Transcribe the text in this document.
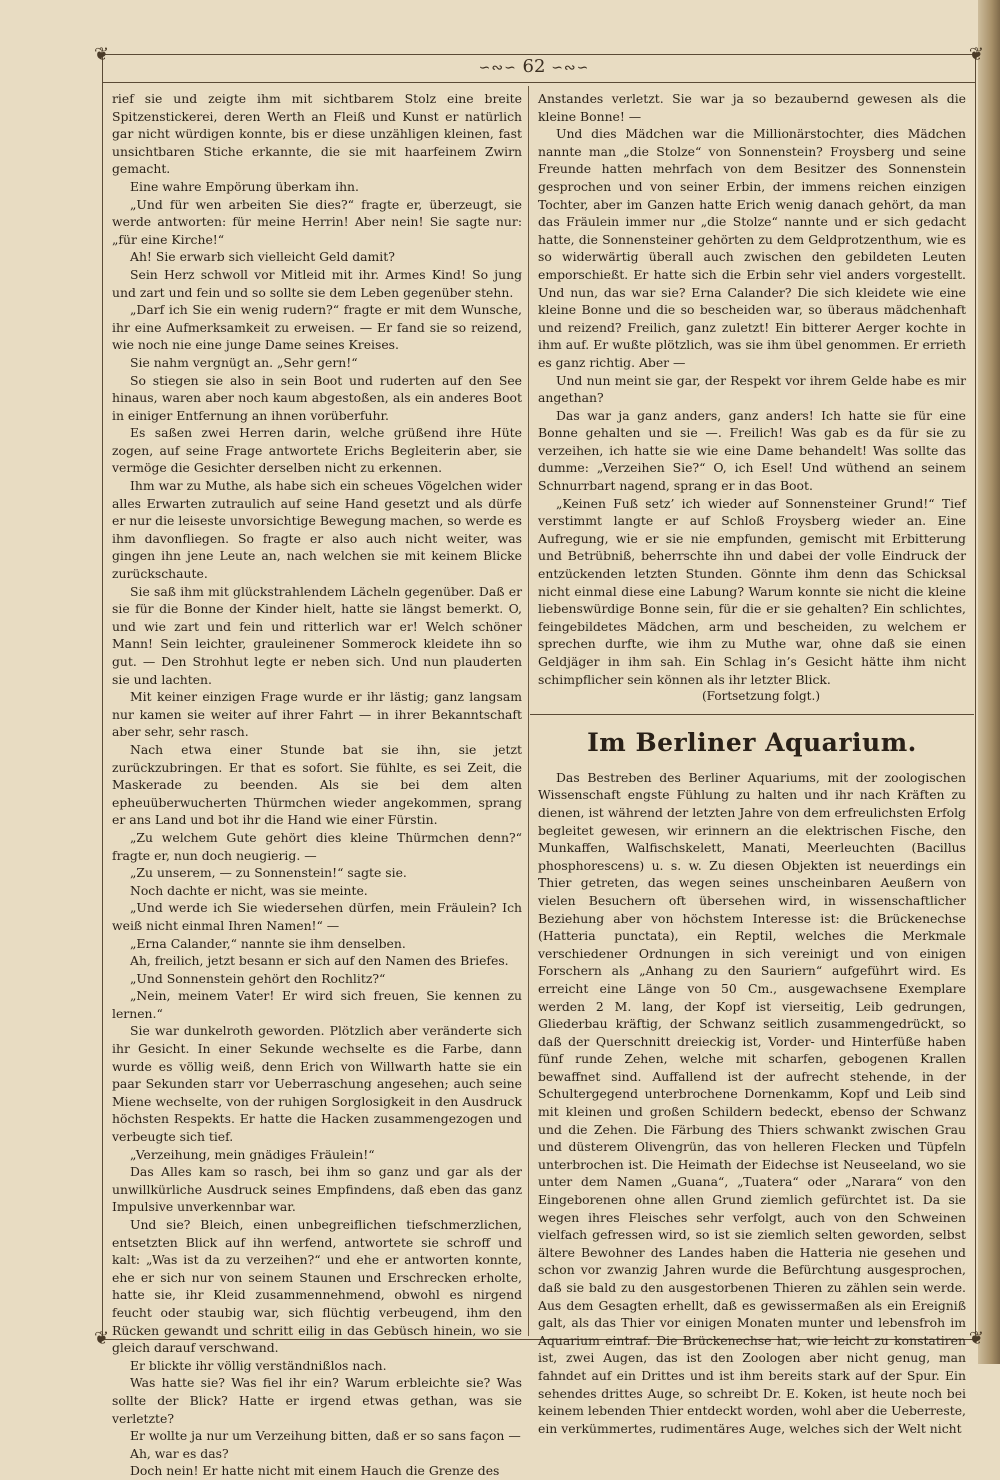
❦	❦
❦	❦
∽∾∽ 62 ∽∾∽

rief sie und zeigte ihm mit sichtbarem Stolz eine breite Spitzenstickerei, deren Werth an Fleiß und Kunst er natürlich gar nicht würdigen konnte, bis er diese unzähligen kleinen, fast unsichtbaren Stiche erkannte, die sie mit haarfeinem Zwirn gemacht.

Eine wahre Empörung überkam ihn.

„Und für wen arbeiten Sie dies?“ fragte er, überzeugt, sie werde antworten: für meine Herrin! Aber nein! Sie sagte nur: „für eine Kirche!“

Ah! Sie erwarb sich vielleicht Geld damit?

Sein Herz schwoll vor Mitleid mit ihr. Armes Kind! So jung und zart und fein und so sollte sie dem Leben gegenüber stehn.

„Darf ich Sie ein wenig rudern?“ fragte er mit dem Wunsche, ihr eine Aufmerksamkeit zu erweisen. — Er fand sie so reizend, wie noch nie eine junge Dame seines Kreises.

Sie nahm vergnügt an. „Sehr gern!“

So stiegen sie also in sein Boot und ruderten auf den See hinaus, waren aber noch kaum abgestoßen, als ein anderes Boot in einiger Entfernung an ihnen vorüberfuhr.

Es saßen zwei Herren darin, welche grüßend ihre Hüte zogen, auf seine Frage antwortete Erichs Begleiterin aber, sie vermöge die Gesichter derselben nicht zu erkennen.

Ihm war zu Muthe, als habe sich ein scheues Vögelchen wider alles Erwarten zutraulich auf seine Hand gesetzt und als dürfe er nur die leiseste unvorsichtige Bewegung machen, so werde es ihm davonfliegen. So fragte er also auch nicht weiter, was gingen ihn jene Leute an, nach welchen sie mit keinem Blicke zurückschaute.

Sie saß ihm mit glückstrahlendem Lächeln gegenüber. Daß er sie für die Bonne der Kinder hielt, hatte sie längst bemerkt. O, und wie zart und fein und ritterlich war er! Welch schöner Mann! Sein leichter, grauleinener Sommerock kleidete ihn so gut. — Den Strohhut legte er neben sich. Und nun plauderten sie und lachten.

Mit keiner einzigen Frage wurde er ihr lästig; ganz langsam nur kamen sie weiter auf ihrer Fahrt — in ihrer Bekanntschaft aber sehr, sehr rasch.

Nach etwa einer Stunde bat sie ihn, sie jetzt zurückzubringen. Er that es sofort. Sie fühlte, es sei Zeit, die Maskerade zu beenden. Als sie bei dem alten epheuüberwucherten Thürmchen wieder angekommen, sprang er ans Land und bot ihr die Hand wie einer Fürstin.

„Zu welchem Gute gehört dies kleine Thürmchen denn?“ fragte er, nun doch neugierig. —

„Zu unserem, — zu Sonnenstein!“ sagte sie.

Noch dachte er nicht, was sie meinte.

„Und werde ich Sie wiedersehen dürfen, mein Fräulein? Ich weiß nicht einmal Ihren Namen!“ —

„Erna Calander,“ nannte sie ihm denselben.

Ah, freilich, jetzt besann er sich auf den Namen des Briefes.

„Und Sonnenstein gehört den Rochlitz?“

„Nein, meinem Vater! Er wird sich freuen, Sie kennen zu lernen.“

Sie war dunkelroth geworden. Plötzlich aber veränderte sich ihr Gesicht. In einer Sekunde wechselte es die Farbe, dann wurde es völlig weiß, denn Erich von Willwarth hatte sie ein paar Sekunden starr vor Ueberraschung angesehen; auch seine Miene wechselte, von der ruhigen Sorglosigkeit in den Ausdruck höchsten Respekts. Er hatte die Hacken zusammengezogen und verbeugte sich tief.

„Verzeihung, mein gnädiges Fräulein!“

Das Alles kam so rasch, bei ihm so ganz und gar als der unwillkürliche Ausdruck seines Empfindens, daß eben das ganz Impulsive unverkennbar war.

Und sie? Bleich, einen unbegreiflichen tiefschmerzlichen, entsetzten Blick auf ihn werfend, antwortete sie schroff und kalt: „Was ist da zu verzeihen?“ und ehe er antworten konnte, ehe er sich nur von seinem Staunen und Erschrecken erholte, hatte sie, ihr Kleid zusammennehmend, obwohl es nirgend feucht oder staubig war, sich flüchtig verbeugend, ihm den Rücken gewandt und schritt eilig in das Gebüsch hinein, wo sie gleich darauf verschwand.

Er blickte ihr völlig verständnißlos nach.

Was hatte sie? Was fiel ihr ein? Warum erbleichte sie? Was sollte der Blick? Hatte er irgend etwas gethan, was sie verletzte?

Er wollte ja nur um Verzeihung bitten, daß er so sans façon —

Ah, war es das?

Doch nein! Er hatte nicht mit einem Hauch die Grenze des

Anstandes verletzt. Sie war ja so bezaubernd gewesen als die kleine Bonne! —

Und dies Mädchen war die Millionärstochter, dies Mädchen nannte man „die Stolze“ von Sonnenstein? Froysberg und seine Freunde hatten mehrfach von dem Besitzer des Sonnenstein gesprochen und von seiner Erbin, der immens reichen einzigen Tochter, aber im Ganzen hatte Erich wenig danach gehört, da man das Fräulein immer nur „die Stolze“ nannte und er sich gedacht hatte, die Sonnensteiner gehörten zu dem Geldprotzenthum, wie es so widerwärtig überall auch zwischen den gebildeten Leuten emporschießt. Er hatte sich die Erbin sehr viel anders vorgestellt. Und nun, das war sie? Erna Calander? Die sich kleidete wie eine kleine Bonne und die so bescheiden war, so überaus mädchenhaft und reizend? Freilich, ganz zuletzt! Ein bitterer Aerger kochte in ihm auf. Er wußte plötzlich, was sie ihm übel genommen. Er errieth es ganz richtig. Aber —

Und nun meint sie gar, der Respekt vor ihrem Gelde habe es mir angethan?

Das war ja ganz anders, ganz anders! Ich hatte sie für eine Bonne gehalten und sie —. Freilich! Was gab es da für sie zu verzeihen, ich hatte sie wie eine Dame behandelt! Was sollte das dumme: „Verzeihen Sie?“ O, ich Esel! Und wüthend an seinem Schnurrbart nagend, sprang er in das Boot.

„Keinen Fuß setz’ ich wieder auf Sonnensteiner Grund!“ Tief verstimmt langte er auf Schloß Froysberg wieder an. Eine Aufregung, wie er sie nie empfunden, gemischt mit Erbitterung und Betrübniß, beherrschte ihn und dabei der volle Eindruck der entzückenden letzten Stunden. Gönnte ihm denn das Schicksal nicht einmal diese eine Labung? Warum konnte sie nicht die kleine liebenswürdige Bonne sein, für die er sie gehalten? Ein schlichtes, feingebildetes Mädchen, arm und bescheiden, zu welchem er sprechen durfte, wie ihm zu Muthe war, ohne daß sie einen Geldjäger in ihm sah. Ein Schlag in’s Gesicht hätte ihm nicht schimpflicher sein können als ihr letzter Blick.

(Fortsetzung folgt.)

Im Berliner Aquarium.

Das Bestreben des Berliner Aquariums, mit der zoologischen Wissenschaft engste Fühlung zu halten und ihr nach Kräften zu dienen, ist während der letzten Jahre von dem erfreulichsten Erfolg begleitet gewesen, wir erinnern an die elektrischen Fische, den Munkaffen, Walfischskelett, Manati, Meerleuchten (Bacillus phosphorescens) u. s. w. Zu diesen Objekten ist neuerdings ein Thier getreten, das wegen seines unscheinbaren Aeußern von vielen Besuchern oft übersehen wird, in wissenschaftlicher Beziehung aber von höchstem Interesse ist: die Brückenechse (Hatteria punctata), ein Reptil, welches die Merkmale verschiedener Ordnungen in sich vereinigt und von einigen Forschern als „Anhang zu den Sauriern“ aufgeführt wird. Es erreicht eine Länge von 50 Cm., ausgewachsene Exemplare werden 2 M. lang, der Kopf ist vierseitig, Leib gedrungen, Gliederbau kräftig, der Schwanz seitlich zusammengedrückt, so daß der Querschnitt dreieckig ist, Vorder- und Hinterfüße haben fünf runde Zehen, welche mit scharfen, gebogenen Krallen bewaffnet sind. Auffallend ist der aufrecht stehende, in der Schultergegend unterbrochene Dornenkamm, Kopf und Leib sind mit kleinen und großen Schildern bedeckt, ebenso der Schwanz und die Zehen. Die Färbung des Thiers schwankt zwischen Grau und düsterem Olivengrün, das von helleren Flecken und Tüpfeln unterbrochen ist. Die Heimath der Eidechse ist Neuseeland, wo sie unter dem Namen „Guana“, „Tuatera“ oder „Narara“ von den Eingeborenen ohne allen Grund ziemlich gefürchtet ist. Da sie wegen ihres Fleisches sehr verfolgt, auch von den Schweinen vielfach gefressen wird, so ist sie ziemlich selten geworden, selbst ältere Bewohner des Landes haben die Hatteria nie gesehen und schon vor zwanzig Jahren wurde die Befürchtung ausgesprochen, daß sie bald zu den ausgestorbenen Thieren zu zählen sein werde. Aus dem Gesagten erhellt, daß es gewissermaßen als ein Ereigniß galt, als das Thier vor einigen Monaten munter und lebensfroh im Aquarium eintraf. Die Brückenechse hat, wie leicht zu konstatiren ist, zwei Augen, das ist den Zoologen aber nicht genug, man fahndet auf ein Drittes und ist ihm bereits stark auf der Spur. Ein sehendes drittes Auge, so schreibt Dr. E. Koken, ist heute noch bei keinem lebenden Thier entdeckt worden, wohl aber die Ueberreste, ein verkümmertes, rudimentäres Auge, welches sich der Welt nicht
